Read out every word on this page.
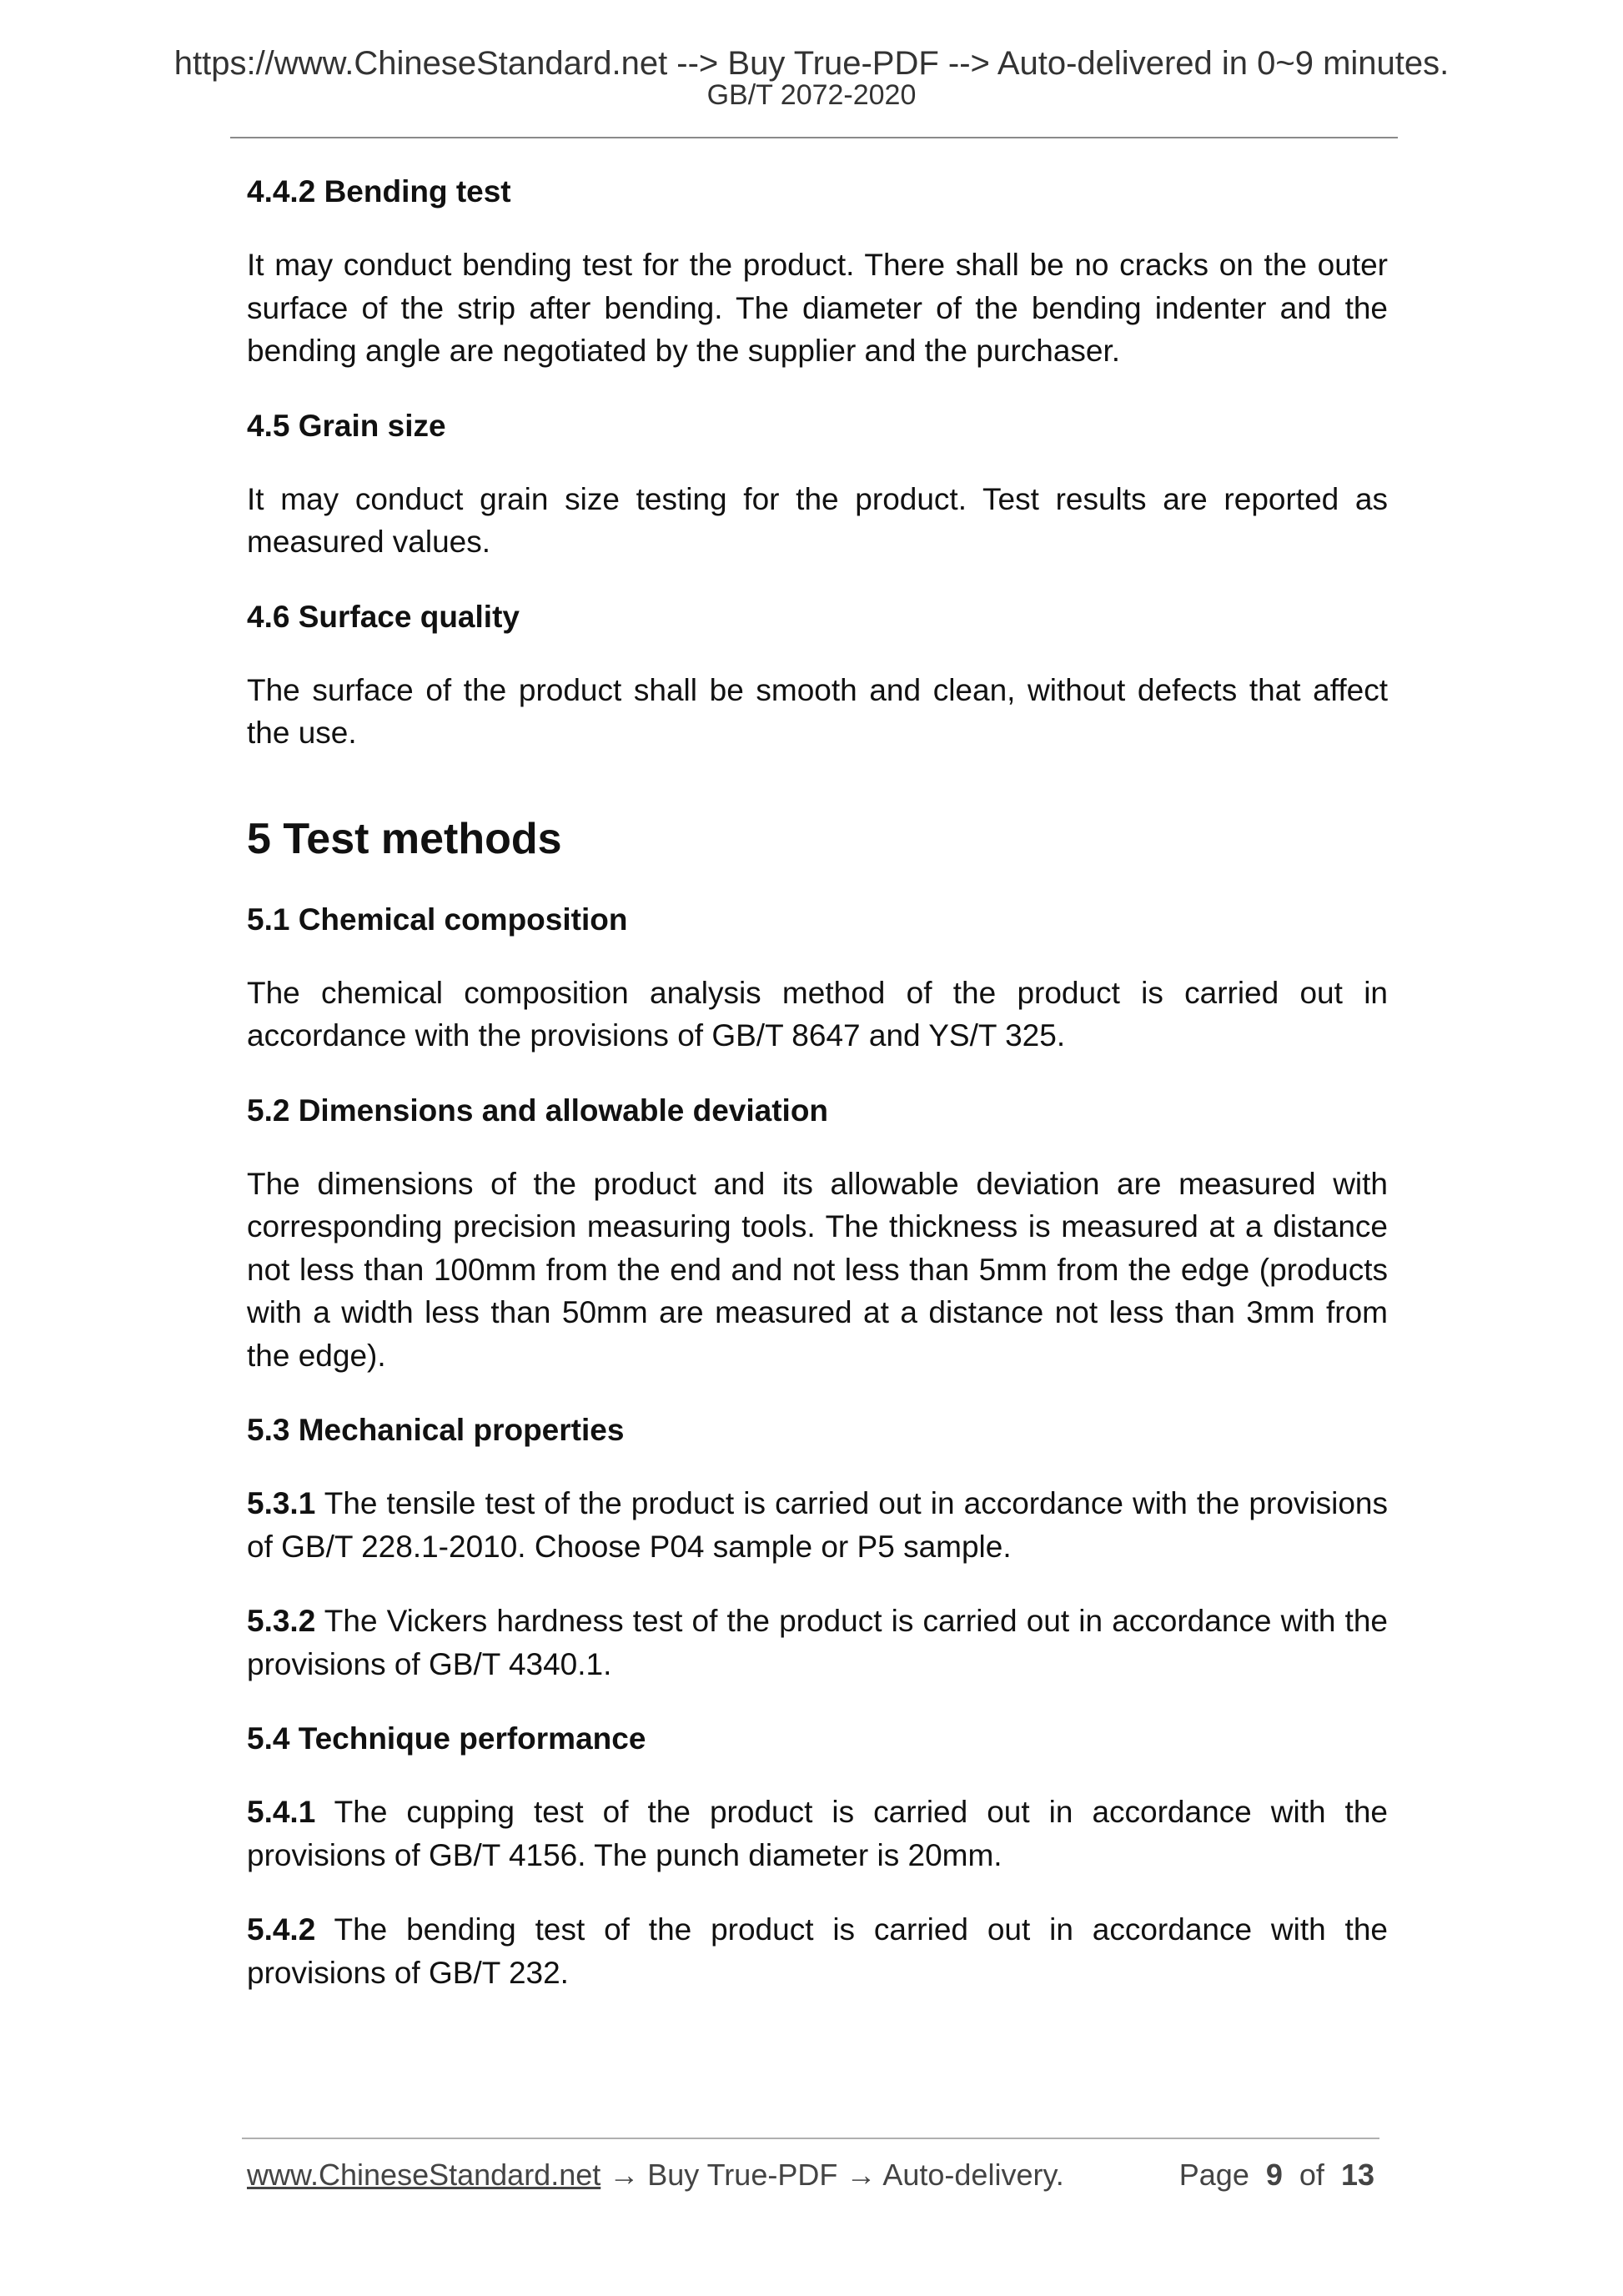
https://www.ChineseStandard.net --> Buy True-PDF --> Auto-delivered in 0~9 minutes.
GB/T 2072-2020
4.4.2 Bending test
It may conduct bending test for the product. There shall be no cracks on the outer surface of the strip after bending. The diameter of the bending indenter and the bending angle are negotiated by the supplier and the purchaser.
4.5 Grain size
It may conduct grain size testing for the product. Test results are reported as measured values.
4.6 Surface quality
The surface of the product shall be smooth and clean, without defects that affect the use.
5 Test methods
5.1 Chemical composition
The chemical composition analysis method of the product is carried out in accordance with the provisions of GB/T 8647 and YS/T 325.
5.2 Dimensions and allowable deviation
The dimensions of the product and its allowable deviation are measured with corresponding precision measuring tools. The thickness is measured at a distance not less than 100mm from the end and not less than 5mm from the edge (products with a width less than 50mm are measured at a distance not less than 3mm from the edge).
5.3 Mechanical properties
5.3.1 The tensile test of the product is carried out in accordance with the provisions of GB/T 228.1-2010. Choose P04 sample or P5 sample.
5.3.2 The Vickers hardness test of the product is carried out in accordance with the provisions of GB/T 4340.1.
5.4 Technique performance
5.4.1 The cupping test of the product is carried out in accordance with the provisions of GB/T 4156. The punch diameter is 20mm.
5.4.2 The bending test of the product is carried out in accordance with the provisions of GB/T 232.
www.ChineseStandard.net → Buy True-PDF → Auto-delivery.	Page 9 of 13
